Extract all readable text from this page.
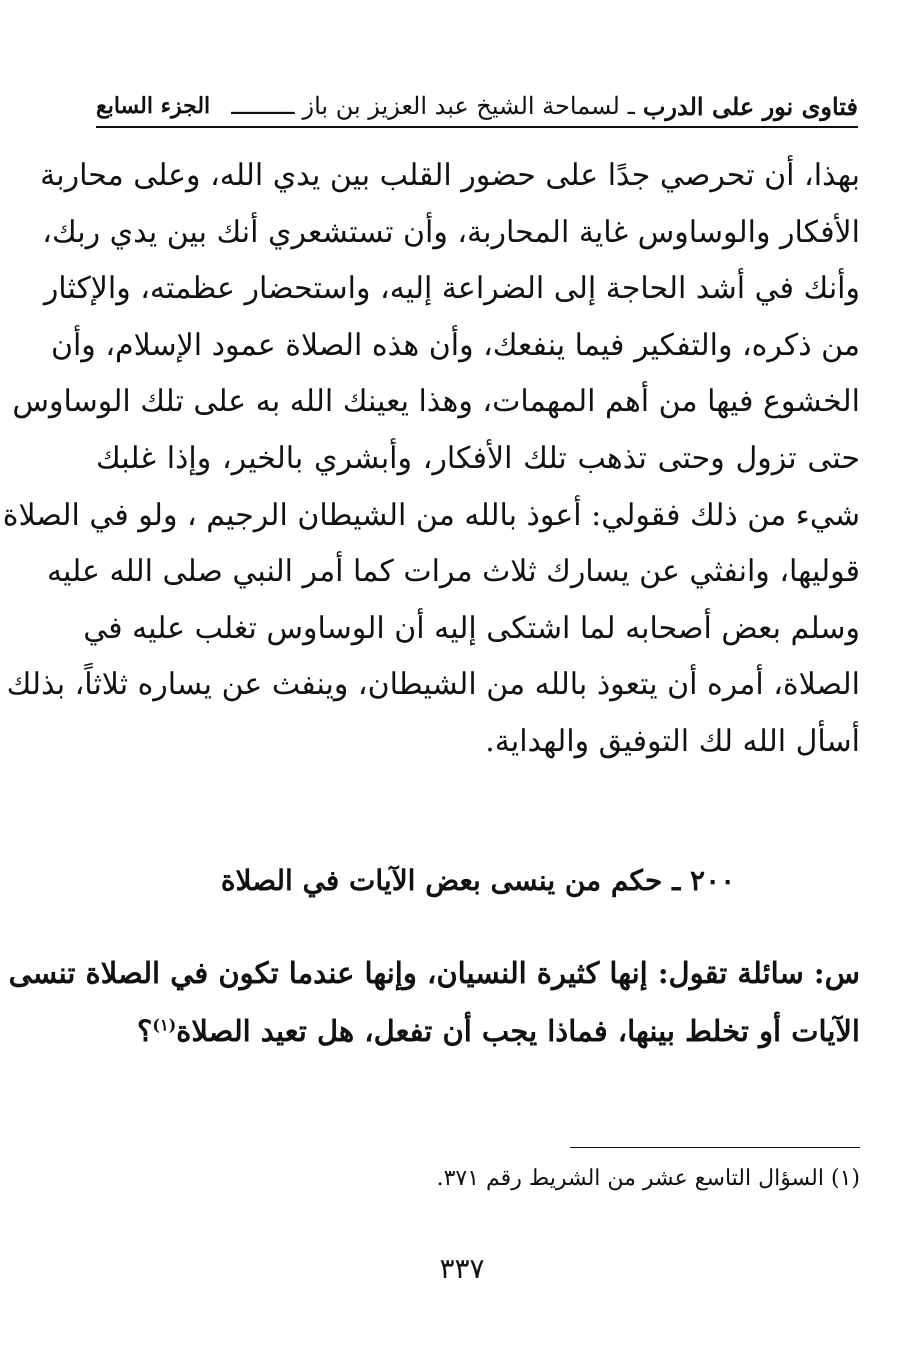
فتاوى نور على الدرب
ـ
لسماحة الشيخ عبد العزيز بن باز
ـــــــــ
الجزء السابع

بهذا، أن تحرصي جدًا على حضور القلب بين يدي الله، وعلى محاربة
الأفكار والوساوس غاية المحاربة، وأن تستشعري أنك بين يدي ربك،
وأنك في أشد الحاجة إلى الضراعة إليه، واستحضار عظمته، والإكثار
من ذكره، والتفكير فيما ينفعك، وأن هذه الصلاة عمود الإسلام، وأن
الخشوع فيها من أهم المهمات، وهذا يعينك الله به على تلك الوساوس
حتى تزول وحتى تذهب تلك الأفكار، وأبشري بالخير، وإذا غلبك
شيء من ذلك فقولي: أعوذ بالله من الشيطان الرجيم ، ولو في الصلاة
قوليها، وانفثي عن يسارك ثلاث مرات كما أمر النبي صلى الله عليه
وسلم بعض أصحابه لما اشتكى إليه أن الوساوس تغلب عليه في
الصلاة، أمره أن يتعوذ بالله من الشيطان، وينفث عن يساره ثلاثاً، بذلك
أسأل الله لك التوفيق والهداية.

٢٠٠ ـ حكم من ينسى بعض الآيات في الصلاة

س: سائلة تقول: إنها كثيرة النسيان، وإنها عندما تكون في الصلاة تنسى
الآيات أو تخلط بينها، فماذا يجب أن تفعل، هل تعيد الصلاة$^{(١)}$؟

(١) السؤال التاسع عشر من الشريط رقم ٣٧١.

٣٣٧
